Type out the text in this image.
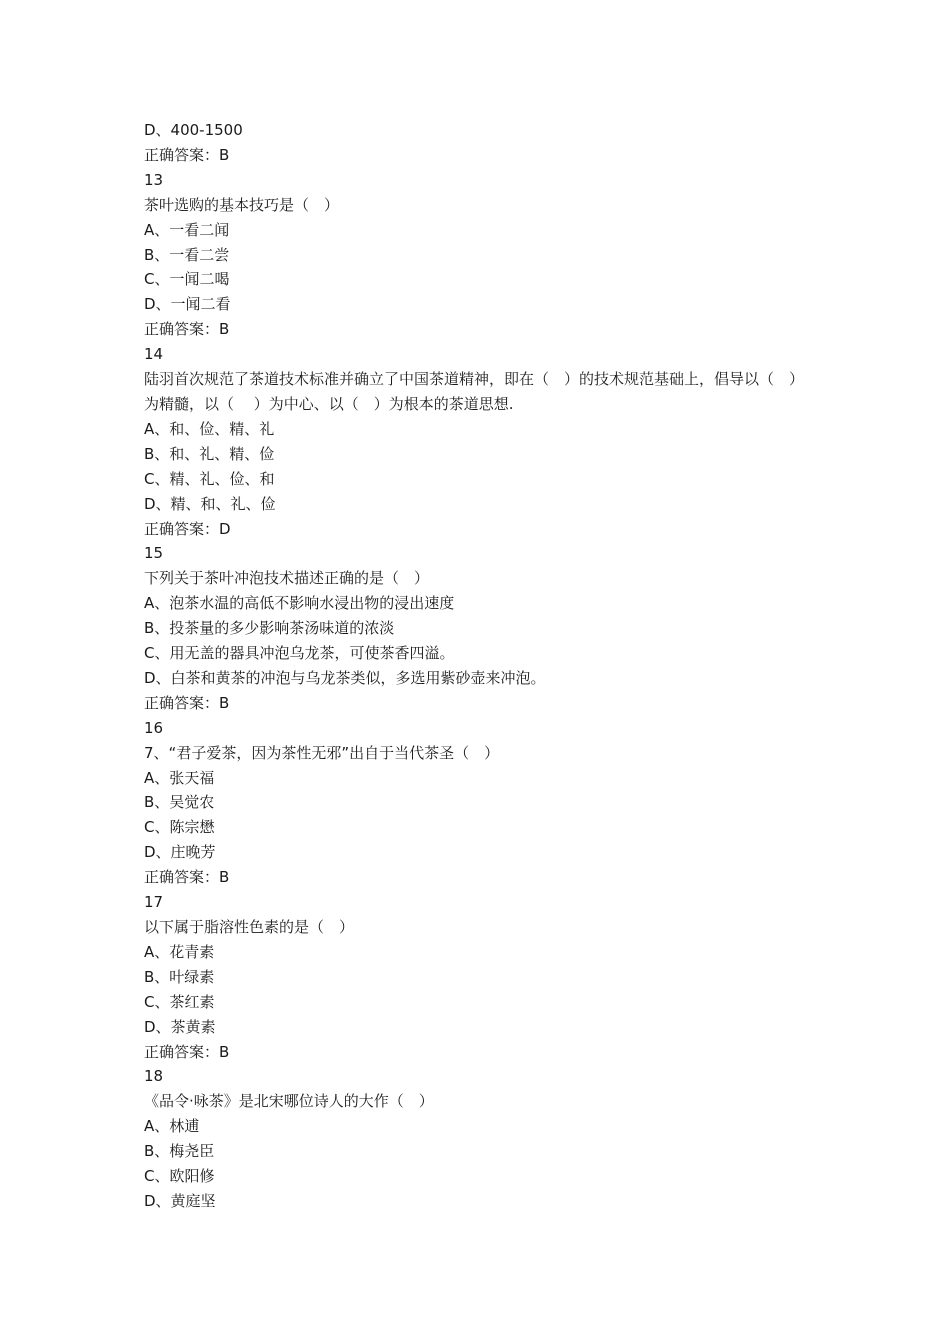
D、400-1500
正确答案：B
13
茶叶选购的基本技巧是（　）
A、一看二闻
B、一看二尝
C、一闻二喝
D、一闻二看
正确答案：B
14
陆羽首次规范了茶道技术标准并确立了中国茶道精神，即在（　）的技术规范基础上，倡导以（　）为精髓，以（　 ）为中心、以（　）为根本的茶道思想.
A、和、俭、精、礼
B、和、礼、精、俭
C、精、礼、俭、和
D、精、和、礼、俭
正确答案：D
15
下列关于茶叶冲泡技术描述正确的是（　）
A、泡茶水温的高低不影响水浸出物的浸出速度
B、投茶量的多少影响茶汤味道的浓淡
C、用无盖的器具冲泡乌龙茶，可使茶香四溢。
D、白茶和黄茶的冲泡与乌龙茶类似，多选用紫砂壶来冲泡。
正确答案：B
16
7、“君子爱茶，因为茶性无邪”出自于当代茶圣（　）
A、张天福
B、吴觉农
C、陈宗懋
D、庄晚芳
正确答案：B
17
以下属于脂溶性色素的是（　）
A、花青素
B、叶绿素
C、茶红素
D、茶黄素
正确答案：B
18
《品令·咏茶》是北宋哪位诗人的大作（　）
A、林逋
B、梅尧臣
C、欧阳修
D、黄庭坚
